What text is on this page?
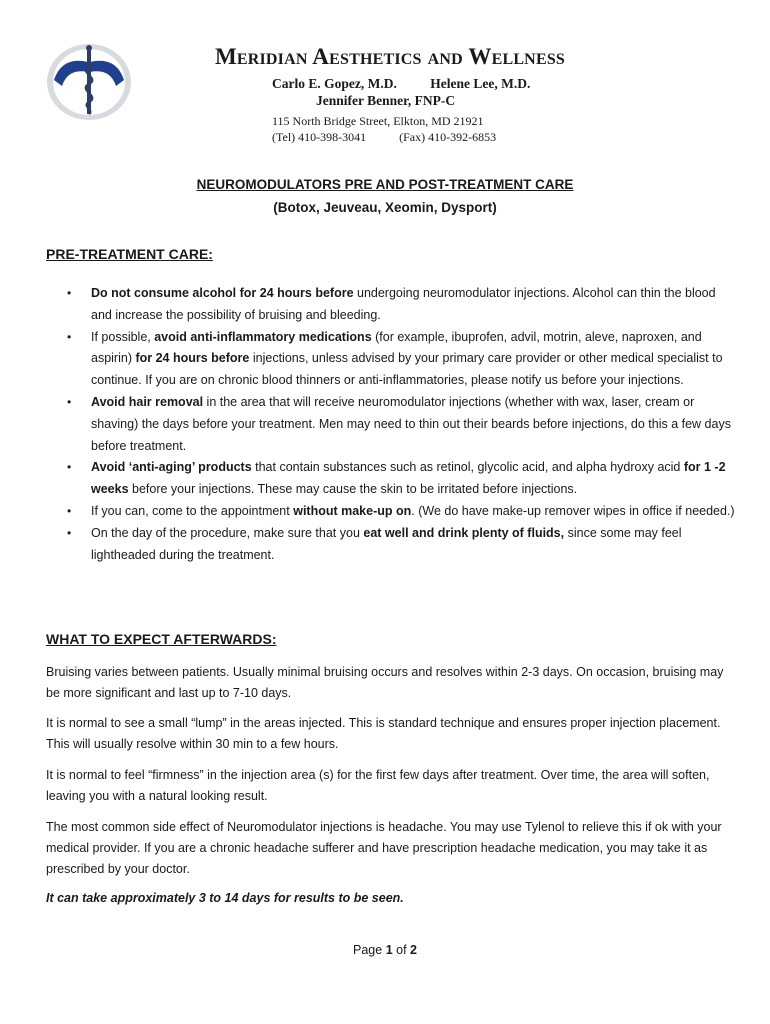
Meridian Aesthetics and Wellness
Carlo E. Gopez, M.D. Helene Lee, M.D.
Jennifer Benner, FNP-C
115 North Bridge Street, Elkton, MD 21921
(Tel) 410-398-3041	(Fax) 410-392-6853
NEUROMODULATORS PRE AND POST-TREATMENT CARE
(Botox, Jeuveau, Xeomin, Dysport)
PRE-TREATMENT CARE:
• Do not consume alcohol for 24 hours before undergoing neuromodulator injections. Alcohol can thin the blood and increase the possibility of bruising and bleeding.
• If possible, avoid anti-inflammatory medications (for example, ibuprofen, advil, motrin, aleve, naproxen, and aspirin) for 24 hours before injections, unless advised by your primary care provider or other medical specialist to continue. If you are on chronic blood thinners or anti-inflammatories, please notify us before your injections.
• Avoid hair removal in the area that will receive neuromodulator injections (whether with wax, laser, cream or shaving) the days before your treatment. Men may need to thin out their beards before injections, do this a few days before treatment.
• Avoid ‘anti-aging’ products that contain substances such as retinol, glycolic acid, and alpha hydroxy acid for 1 -2 weeks before your injections. These may cause the skin to be irritated before injections.
• If you can, come to the appointment without make-up on. (We do have make-up remover wipes in office if needed.)
• On the day of the procedure, make sure that you eat well and drink plenty of fluids, since some may feel lightheaded during the treatment.
WHAT TO EXPECT AFTERWARDS:

Bruising varies between patients. Usually minimal bruising occurs and resolves within 2-3 days. On occasion, bruising may be more significant and last up to 7-10 days.

It is normal to see a small “lump” in the areas injected. This is standard technique and ensures proper injection placement. This will usually resolve within 30 min to a few hours.

It is normal to feel “firmness” in the injection area (s) for the first few days after treatment. Over time, the area will soften, leaving you with a natural looking result.

The most common side effect of Neuromodulator injections is headache. You may use Tylenol to relieve this if ok with your medical provider. If you are a chronic headache sufferer and have prescription headache medication, you may take it as prescribed by your doctor.

It can take approximately 3 to 14 days for results to be seen.

Page 1 of 2
